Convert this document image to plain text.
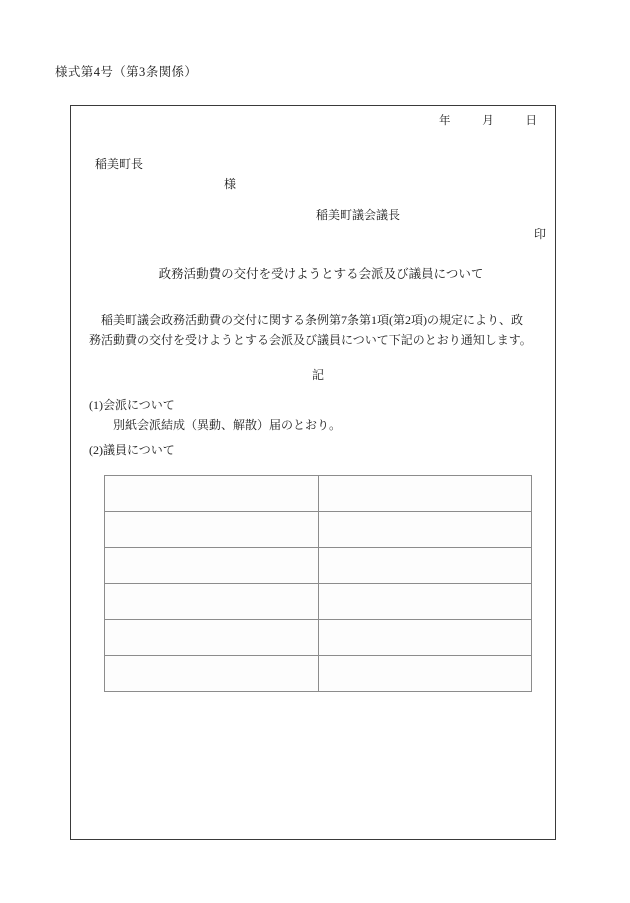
様式第4号（第3条関係）
年	月	日
稲美町長
様
稲美町議会議長
印
政務活動費の交付を受けようとする会派及び議員について
稲美町議会政務活動費の交付に関する条例第7条第1項(第2項)の規定により、政
務活動費の交付を受けようとする会派及び議員について下記のとおり通知します。
記
(1)会派について
別紙会派結成（異動、解散）届のとおり。
(2)議員について
